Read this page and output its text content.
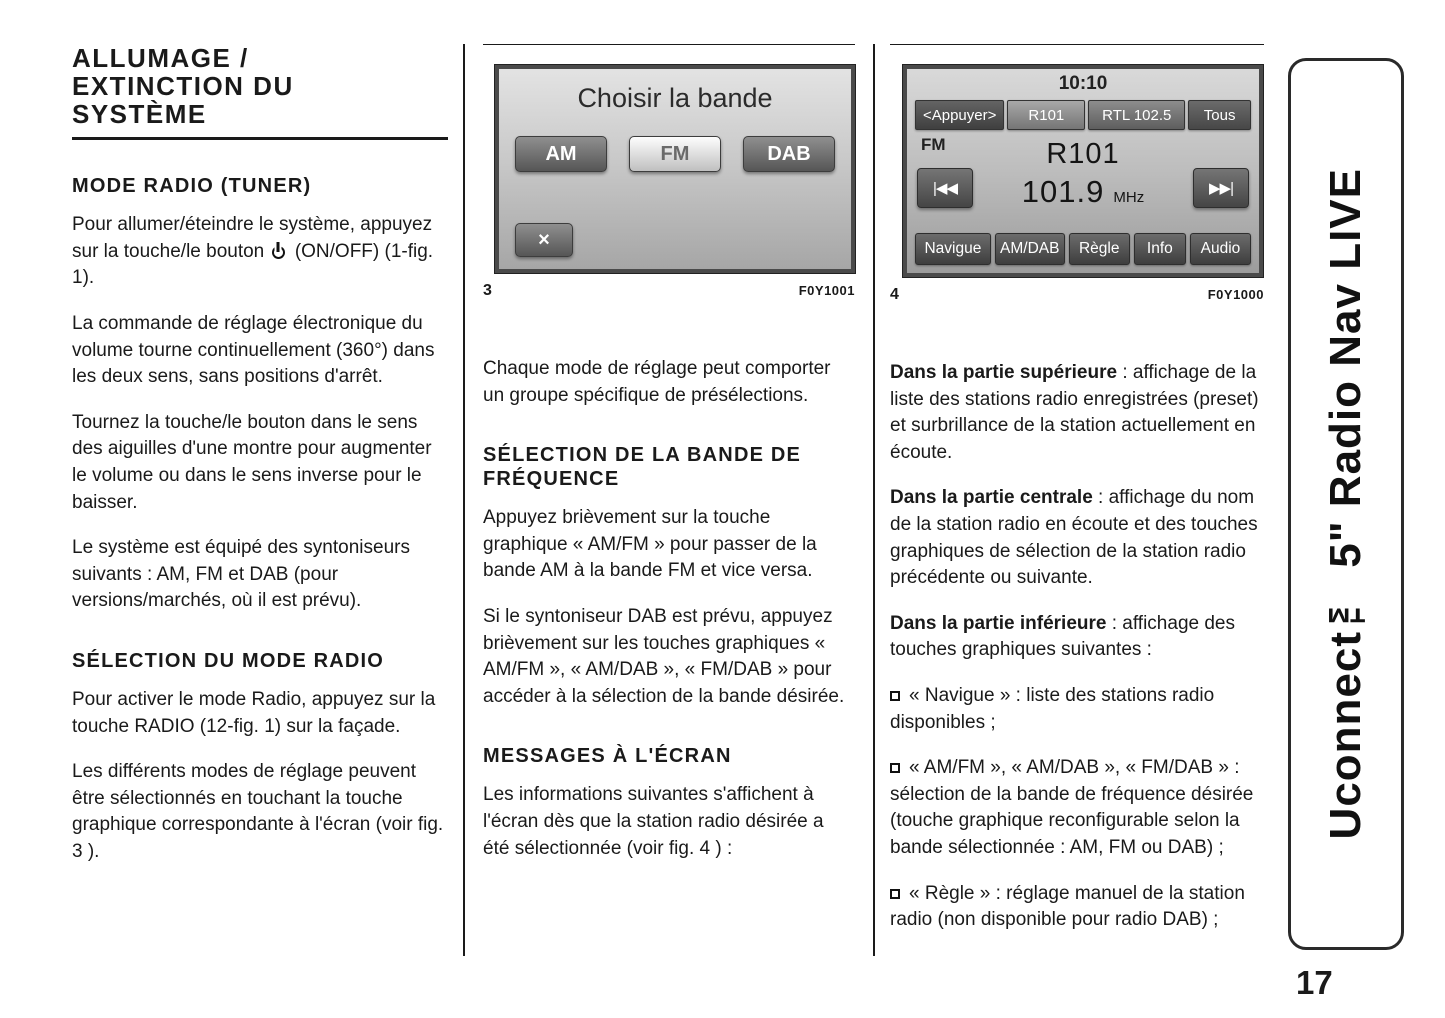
ALLUMAGE /
EXTINCTION DU
SYSTÈME
MODE RADIO (TUNER)

Pour allumer/éteindre le système, appuyez sur la touche/le bouton (ON/OFF) (1-fig. 1).

La commande de réglage électronique du volume tourne continuellement (360°) dans les deux sens, sans positions d'arrêt.

Tournez la touche/le bouton dans le sens des aiguilles d'une montre pour augmenter le volume ou dans le sens inverse pour le baisser.

Le système est équipé des syntoniseurs suivants : AM, FM et DAB (pour versions/marchés, où il est prévu).

SÉLECTION DU MODE RADIO

Pour activer le mode Radio, appuyez sur la touche RADIO (12-fig. 1) sur la façade.

Les différents modes de réglage peuvent être sélectionnés en touchant la touche graphique correspondante à l'écran (voir fig. 3 ).

Choisir la bande
AM	FM	DAB
×
3	F0Y1001

Chaque mode de réglage peut comporter un groupe spécifique de présélections.

SÉLECTION DE LA BANDE DE FRÉQUENCE

Appuyez brièvement sur la touche graphique « AM/FM » pour passer de la bande AM à la bande FM et vice versa.

Si le syntoniseur DAB est prévu, appuyez brièvement sur les touches graphiques « AM/FM », « AM/DAB », « FM/DAB » pour accéder à la sélection de la bande désirée.

MESSAGES À L'ÉCRAN

Les informations suivantes s'affichent à l'écran dès que la station radio désirée a été sélectionnée (voir fig. 4 ) :

10:10
<Appuyer>	R101	RTL 102.5	Tous
FM	R101
101.9 MHz
|◀◀	▶▶|
Navigue	AM/DAB	Règle	Info	Audio
4	F0Y1000

Dans la partie supérieure : affichage de la liste des stations radio enregistrées (preset) et surbrillance de la station actuellement en écoute.

Dans la partie centrale : affichage du nom de la station radio en écoute et des touches graphiques de sélection de la station radio précédente ou suivante.

Dans la partie inférieure : affichage des touches graphiques suivantes :

« Navigue » : liste des stations radio disponibles ;

« AM/FM », « AM/DAB », « FM/DAB » : sélection de la bande de fréquence désirée (touche graphique reconfigurable selon la bande sélectionnée : AM, FM ou DAB) ;

« Règle » : réglage manuel de la station radio (non disponible pour radio DAB) ;

Uconnect™ 5" Radio Nav LIVE
17
